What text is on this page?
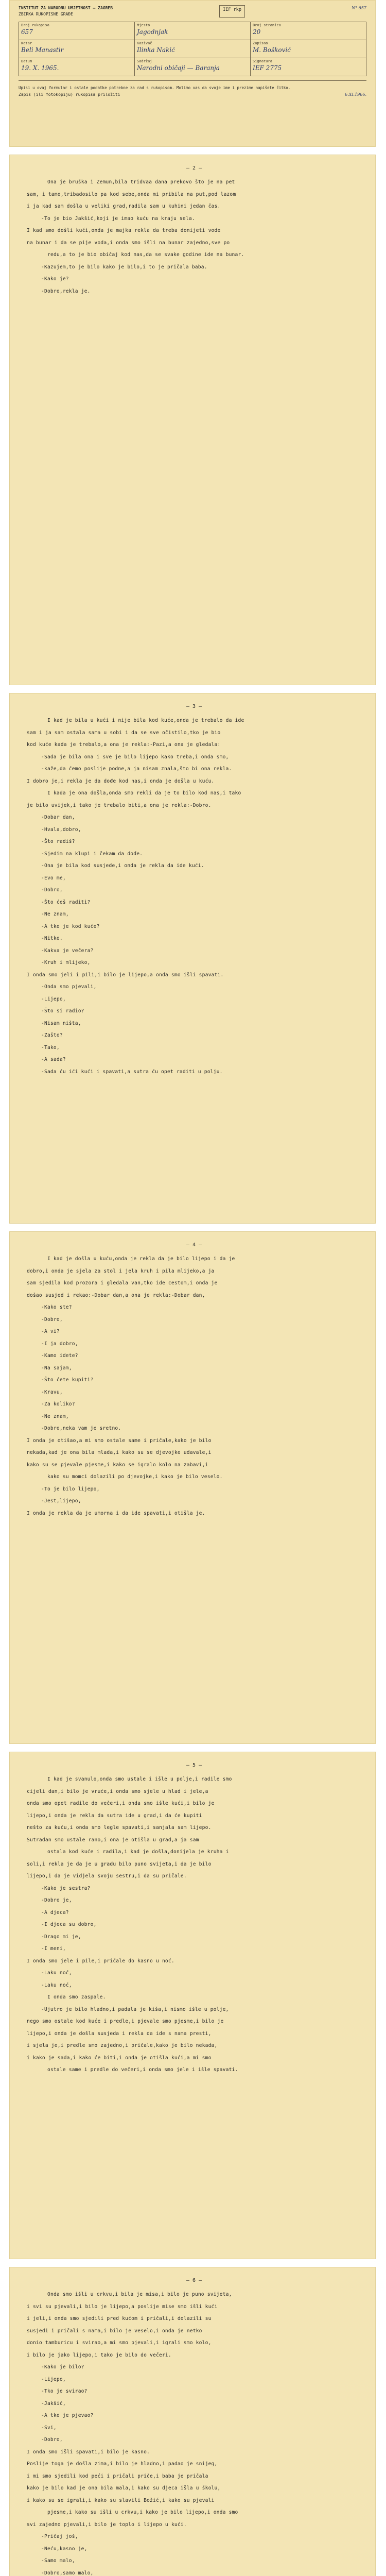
INSTITUT ZA NARODNU UMJETNOST — ZAGREB
ZBIRKA RUKOPISNE GRAĐE
IEF rkp	N° 657
Broj rukopisa
657
Mjesto
Jagodnjak
Broj stranica
20
Kotar
Beli Manastir
Kazivač
Ilinka Nakić
Zapisao
M. Bošković
Datum
19. X. 1965.
Sadržaj
Narodni običaji — Baranja
Signatura
IEF 2775
Upisi u ovaj formular i ostale podatke potrebne za rad s rukopisom. Molimo vas da svoje ime i prezime napišete čitko.
Zapis (ili fotokopiju) rukopisa priložiti	6.XI.1966.
— 2 —
Ona je bruška i Zemun,bila tridvaa dana prekovo što je na pet
sam, i tamo,tribadosilo pa kod sebe,onda mi pribila na put,pod lazom
i ja kad sam došla u veliki grad,radila sam u kuhini jedan čas.
-To je bio Jakšić,koji je imao kuću na kraju sela.
I kad smo došli kući,onda je majka rekla da treba donijeti vode
na bunar i da se pije voda,i onda smo išli na bunar zajedno,sve po
redu,a to je bio običaj kod nas,da se svake godine ide na bunar.
-Kazujem,to je bilo kako je bilo,i to je pričala baba.
-Kako je?
-Dobro,rekla je.
— 3 —
I kad je bila u kući i nije bila kod kuće,onda je trebalo da ide
sam i ja sam ostala sama u sobi i da se sve očistilo,tko je bio
kod kuće kada je trebalo,a ona je rekla:-Pazi,a ona je gledala:
-Sada je bila ona i sve je bilo lijepo kako treba,i onda smo,
-kaže,da ćemo poslije podne,a ja nisam znala,što bi ona rekla.
I dobro je,i rekla je da dođe kod nas,i onda je došla u kuću.
I kada je ona došla,onda smo rekli da je to bilo kod nas,i tako
je bilo uvijek,i tako je trebalo biti,a ona je rekla:-Dobro.
-Dobar dan,
-Hvala,dobro,
-Što radiš?
-Sjedim na klupi i čekam da dođe.
-Ona je bila kod susjede,i onda je rekla da ide kući.
-Evo me,
-Dobro,
-Što ćeš raditi?
-Ne znam,
-A tko je kod kuće?
-Nitko.
-Kakva je večera?
-Kruh i mlijeko,
I onda smo jeli i pili,i bilo je lijepo,a onda smo išli spavati.
-Onda smo pjevali,
-Lijepo,
-Što si radio?
-Nisam ništa,
-Zašto?
-Tako,
-A sada?
-Sada ću ići kući i spavati,a sutra ću opet raditi u polju.
— 4 —
I kad je došla u kuću,onda je rekla da je bilo lijepo i da je
dobro,i onda je sjela za stol i jela kruh i pila mlijeko,a ja
sam sjedila kod prozora i gledala van,tko ide cestom,i onda je
došao susjed i rekao:-Dobar dan,a ona je rekla:-Dobar dan,
-Kako ste?
-Dobro,
-A vi?
-I ja dobro,
-Kamo idete?
-Na sajam,
-Što ćete kupiti?
-Kravu,
-Za koliko?
-Ne znam,
-Dobro,neka vam je sretno.
I onda je otišao,a mi smo ostale same i pričale,kako je bilo
nekada,kad je ona bila mlada,i kako su se djevojke udavale,i
kako su se pjevale pjesme,i kako se igralo kolo na zabavi,i
kako su momci dolazili po djevojke,i kako je bilo veselo.
-To je bilo lijepo,
-Jest,lijepo,
I onda je rekla da je umorna i da ide spavati,i otišla je.
— 5 —
I kad je svanulo,onda smo ustale i išle u polje,i radile smo
cijeli dan,i bilo je vruće,i onda smo sjele u hlad i jele,a
onda smo opet radile do večeri,i onda smo išle kući,i bilo je
lijepo,i onda je rekla da sutra ide u grad,i da će kupiti
nešto za kuću,i onda smo legle spavati,i sanjala sam lijepo.
Sutradan smo ustale rano,i ona je otišla u grad,a ja sam
ostala kod kuće i radila,i kad je došla,donijela je kruha i
soli,i rekla je da je u gradu bilo puno svijeta,i da je bilo
lijepo,i da je vidjela svoju sestru,i da su pričale.
-Kako je sestra?
-Dobro je,
-A djeca?
-I djeca su dobro,
-Drago mi je,
-I meni,
I onda smo jele i pile,i pričale do kasno u noć.
-Laku noć,
-Laku noć,
I onda smo zaspale.
-Ujutro je bilo hladno,i padala je kiša,i nismo išle u polje,
nego smo ostale kod kuće i predle,i pjevale smo pjesme,i bilo je
lijepo,i onda je došla susjeda i rekla da ide s nama presti,
i sjela je,i predle smo zajedno,i pričale,kako je bilo nekada,
i kako je sada,i kako će biti,i onda je otišla kući,a mi smo
ostale same i predle do večeri,i onda smo jele i išle spavati.
— 6 —
Onda smo išli u crkvu,i bila je misa,i bilo je puno svijeta,
i svi su pjevali,i bilo je lijepo,a poslije mise smo išli kući
i jeli,i onda smo sjedili pred kućom i pričali,i dolazili su
susjedi i pričali s nama,i bilo je veselo,i onda je netko
donio tamburicu i svirao,a mi smo pjevali,i igrali smo kolo,
i bilo je jako lijepo,i tako je bilo do večeri.
-Kako je bilo?
-Lijepo,
-Tko je svirao?
-Jakšić,
-A tko je pjevao?
-Svi,
-Dobro,
I onda smo išli spavati,i bilo je kasno.
Poslije toga je došla zima,i bilo je hladno,i padao je snijeg,
i mi smo sjedili kod peći i pričali priče,i baba je pričala
kako je bilo kad je ona bila mala,i kako su djeca išla u školu,
i kako su se igrali,i kako su slavili Božić,i kako su pjevali
pjesme,i kako su išli u crkvu,i kako je bilo lijepo,i onda smo
svi zajedno pjevali,i bilo je toplo i lijepo u kući.
-Pričaj još,
-Neću,kasno je,
-Samo malo,
-Dobro,samo malo,
